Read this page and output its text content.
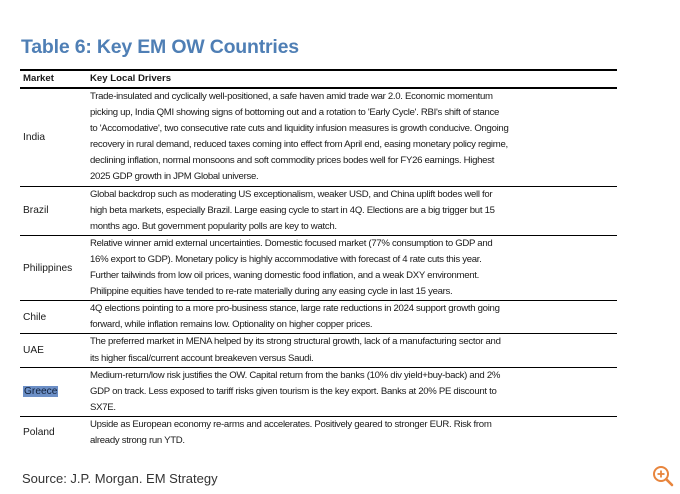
Table 6: Key EM OW Countries
Market	Key Local Drivers
India
Trade-insulated and cyclically well-positioned, a safe haven amid trade war 2.0. Economic momentum
picking up, India QMI showing signs of bottoming out and a rotation to 'Early Cycle'. RBI's shift of stance
to 'Accomodative', two consecutive rate cuts and liquidity infusion measures is growth conducive. Ongoing
recovery in rural demand, reduced taxes coming into effect from April end, easing monetary policy regime,
declining inflation, normal monsoons and soft commodity prices bodes well for FY26 earnings. Highest
2025 GDP growth in JPM Global universe.
Brazil
Global backdrop such as moderating US exceptionalism, weaker USD, and China uplift bodes well for
high beta markets, especially Brazil. Large easing cycle to start in 4Q. Elections are a big trigger but 15
months ago. But government popularity polls are key to watch.
Philippines
Relative winner amid external uncertainties. Domestic focused market (77% consumption to GDP and
16% export to GDP). Monetary policy is highly accommodative with forecast of 4 rate cuts this year.
Further tailwinds from low oil prices, waning domestic food inflation, and a weak DXY environment.
Philippine equities have tended to re-rate materially during any easing cycle in last 15 years.
Chile
4Q elections pointing to a more pro-business stance, large rate reductions in 2024 support growth going
forward, while inflation remains low. Optionality on higher copper prices.
UAE
The preferred market in MENA helped by its strong structural growth, lack of a manufacturing sector and
its higher fiscal/current account breakeven versus Saudi.
Greece
Medium-return/low risk justifies the OW. Capital return from the banks (10% div yield+buy-back) and 2%
GDP on track. Less exposed to tariff risks given tourism is the key export. Banks at 20% PE discount to
SX7E.
Poland
Upside as European economy re-arms and accelerates. Positively geared to stronger EUR. Risk from
already strong run YTD.
Source: J.P. Morgan. EM Strategy
